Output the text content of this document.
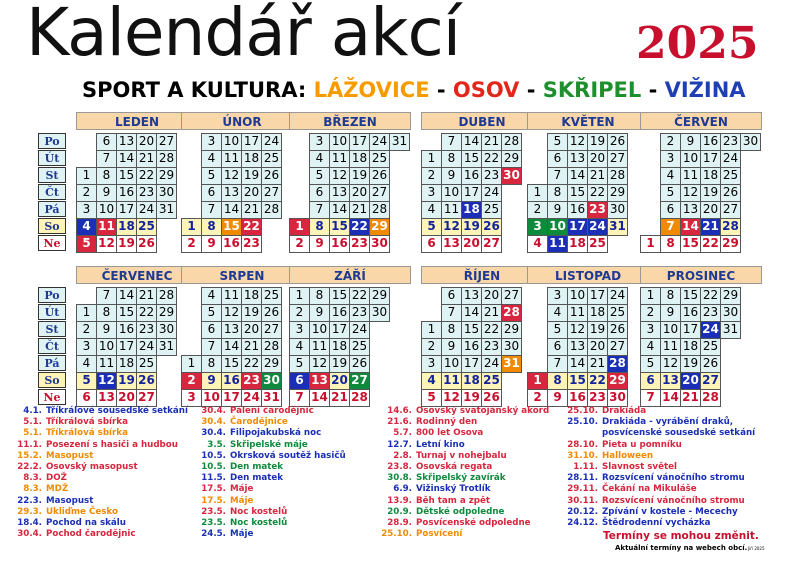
Kalendář akcí	2025
SPORT A KULTURA: LÁŽOVICE - OSOV - SKŘIPEL - VIŽINA
Po
Út
St
Čt
Pá
So
Ne
Po
Út
St
Čt
Pá
So
Ne
LEDEN
6 13 20 27
7 14 21 28
1	8 15 22 29
2	9 16 23 30
3 10 17 24 31
4 11 18 25
5 12 19 26
ÚNOR
3 10 17 24
4 11 18 25
5 12 19 26
6 13 20 27
7 14 21 28
1 8 15 22
2 9 16 23
BŘEZEN
3 10 17 24 31
4 11 18 25
5 12 19 26
6 13 20 27
7 14 21 28
1 8 15 22 29
2 9 16 23 30
DUBEN
7 14 21 28
1	8 15 22 29
2	9 16 23 30
3 10 17 24
4 11 18 25
5 12 19 26
6 13 20 27
KVĚTEN
5 12 19 26
6 13 20 27
7 14 21 28
1	8 15 22 29
2	9 16 23 30
3 10 17 24 31
4 11 18 25
ČERVEN
2	9 16 23 30
3 10 17 24
4 11 18 25
5 12 19 26
6 13 20 27
7 14 21 28
1 8 15 22 29
ČERVENEC
7 14 21 28
1	8 15 22 29
2	9 16 23 30
3 10 17 24 31
4 11 18 25
5 12 19 26
6 13 20 27
SRPEN
4 11 18 25
5 12 19 26
6 13 20 27
7 14 21 28
1	8 15 22 29
2 9 16 23 30
3 10 17 24 31
ZÁŘÍ
1	8 15 22 29
2	9 16 23 30
3 10 17 24
4 11 18 25
5 12 19 26
6 13 20 27
7 14 21 28
ŘÍJEN
6 13 20 27
7 14 21 28
1	8 15 22 29
2	9 16 23 30
3 10 17 24 31
4 11 18 25
5 12 19 26
LISTOPAD
3 10 17 24
4 11 18 25
5 12 19 26
6 13 20 27
7 14 21 28
1 8 15 22 29
2 9 16 23 30
PROSINEC
1	8 15 22 29
2	9 16 23 30
3 10 17 24 31
4 11 18 25
5 12 19 26
6 13 20 27
7 14 21 28
4.1. Tříkrálové sousedské setkání
5.1. Tříkrálová sbírka
5.1. Tříkrálová sbírka
11.1. Posezení s hasiči a hudbou
15.2. Masopust
22.2. Osovský masopust
8.3. DOŽ
8.3. MDŽ
22.3. Masopust
29.3. Ukliďme Česko
18.4. Pochod na skálu
30.4. Pochod čarodějnic
30.4. Pálení čarodějnic
30.4. Čarodějnice
30.4. Filipojakubská noc
3.5. Skřipelské máje
10.5. Okrsková soutěž hasičů
10.5. Den matek
11.5. Den matek
17.5. Máje
17.5. Máje
23.5. Noc kostelů
23.5. Noc kostelů
24.5. Máje
14.6. Osovský svatojánský akord
21.6. Rodinný den
5.7. 800 let Osova
12.7. Letní kino
2.8. Turnaj v nohejbalu
23.8. Osovská regata
30.8. Skřipelský zavírák
6.9. Vižinský Trotlík
13.9. Běh tam a zpět
20.9. Dětské odpoledne
28.9. Posvícenské odpoledne
25.10. Posvícení
25.10. Drakiáda
25.10. Drakiáda - vyrábění draků,
posvícenské sousedské setkání
28.10. Pieta u pomníku
31.10. Halloween
1.11. Slavnost světel
28.11. Rozsvícení vánočního stromu
29.11. Čekání na Mikuláše
30.11. Rozsvícení vánočního stromu
20.12. Zpívání v kostele - Mecechy
24.12. Štědrodenní vycházka
Termíny se mohou změnit.
Aktuální termíny na webech obcí. Jiří 2025
